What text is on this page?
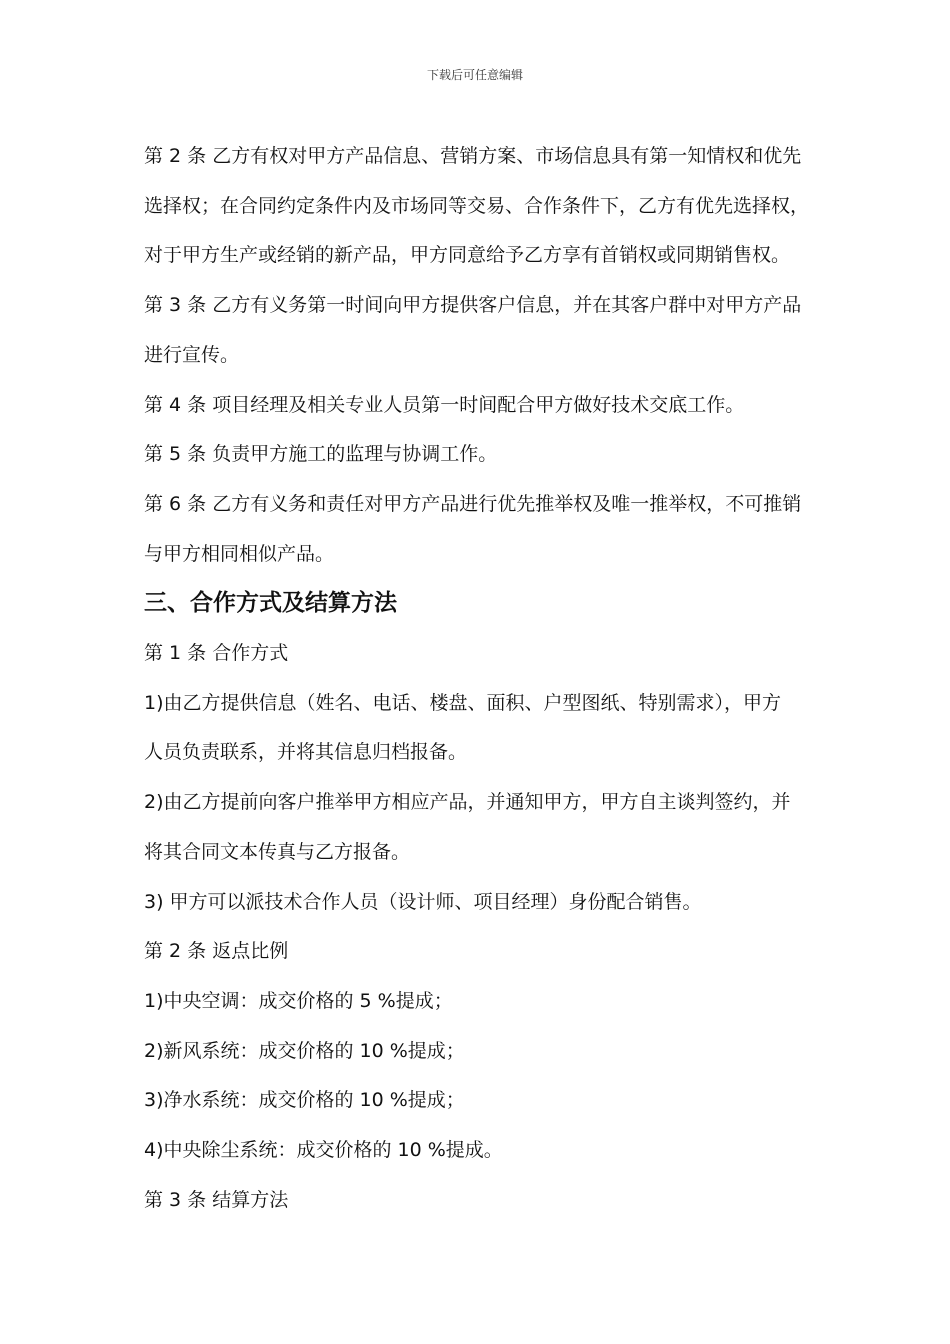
下载后可任意编辑

第 2 条 乙方有权对甲方产品信息、营销方案、市场信息具有第一知情权和优先

选择权；在合同约定条件内及市场同等交易、合作条件下，乙方有优先选择权，

对于甲方生产或经销的新产品，甲方同意给予乙方享有首销权或同期销售权。

第 3 条 乙方有义务第一时间向甲方提供客户信息，并在其客户群中对甲方产品

进行宣传。

第 4 条 项目经理及相关专业人员第一时间配合甲方做好技术交底工作。

第 5 条 负责甲方施工的监理与协调工作。

第 6 条 乙方有义务和责任对甲方产品进行优先推举权及唯一推举权，不可推销

与甲方相同相似产品。

三、合作方式及结算方法

第 1 条 合作方式

1)由乙方提供信息（姓名、电话、楼盘、面积、户型图纸、特别需求），甲方

人员负责联系，并将其信息归档报备。

2)由乙方提前向客户推举甲方相应产品，并通知甲方，甲方自主谈判签约，并

将其合同文本传真与乙方报备。

3) 甲方可以派技术合作人员（设计师、项目经理）身份配合销售。

第 2 条 返点比例

1)中央空调：成交价格的 5 %提成；

2)新风系统：成交价格的 10 %提成；

3)净水系统：成交价格的 10 %提成；

4)中央除尘系统：成交价格的 10 %提成。

第 3 条 结算方法
